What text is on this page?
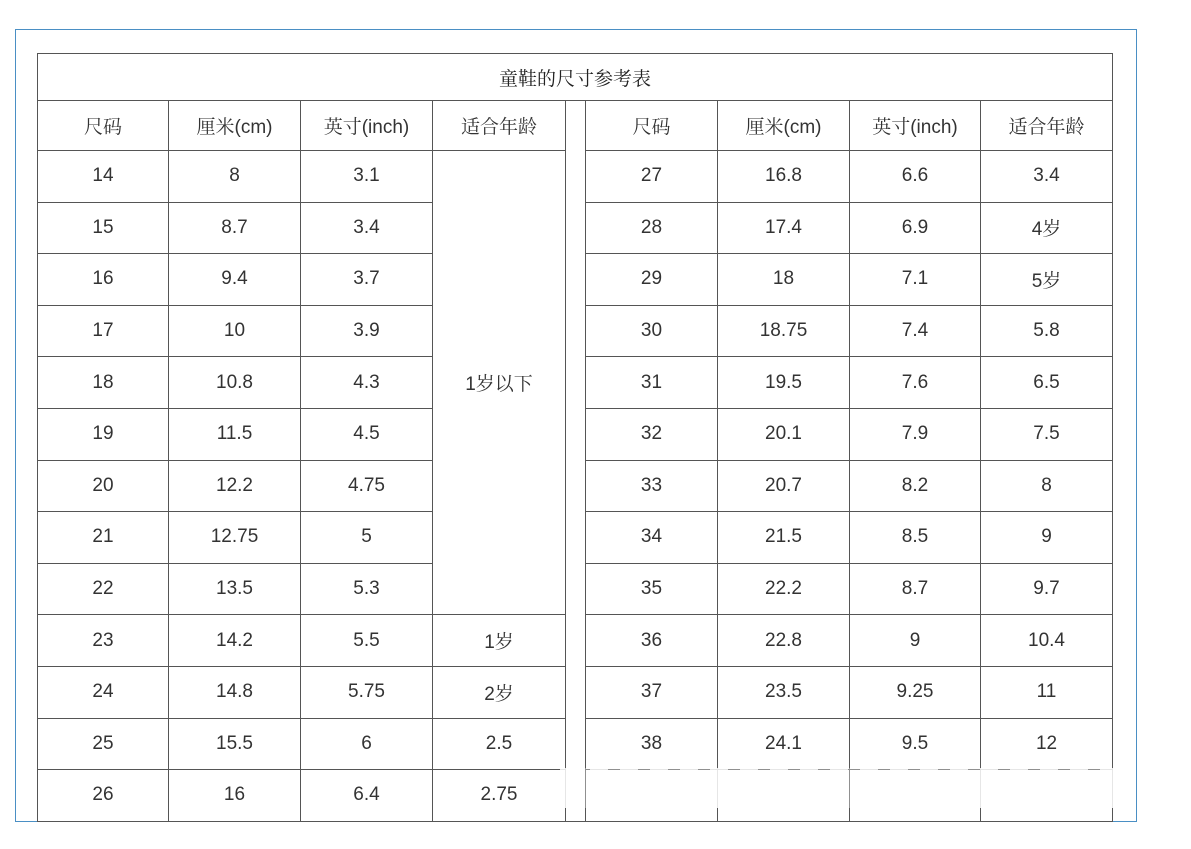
童鞋的尺寸参考表								
尺码	厘米(cm)	英寸(inch)	适合年龄		尺码	厘米(cm)	英寸(inch)	适合年龄
14	8	3.1	1岁以下		27	16.8	6.6	3.4
15	8.7	3.4			28	17.4	6.9	4岁
16	9.4	3.7			29	18	7.1	5岁
17	10	3.9			30	18.75	7.4	5.8
18	10.8	4.3			31	19.5	7.6	6.5
19	11.5	4.5			32	20.1	7.9	7.5
20	12.2	4.75			33	20.7	8.2	8
21	12.75	5			34	21.5	8.5	9
22	13.5	5.3			35	22.2	8.7	9.7
23	14.2	5.5	1岁		36	22.8	9	10.4
24	14.8	5.75	2岁		37	23.5	9.25	11
25	15.5	6	2.5		38	24.1	9.5	12
26	16	6.4	2.75					
